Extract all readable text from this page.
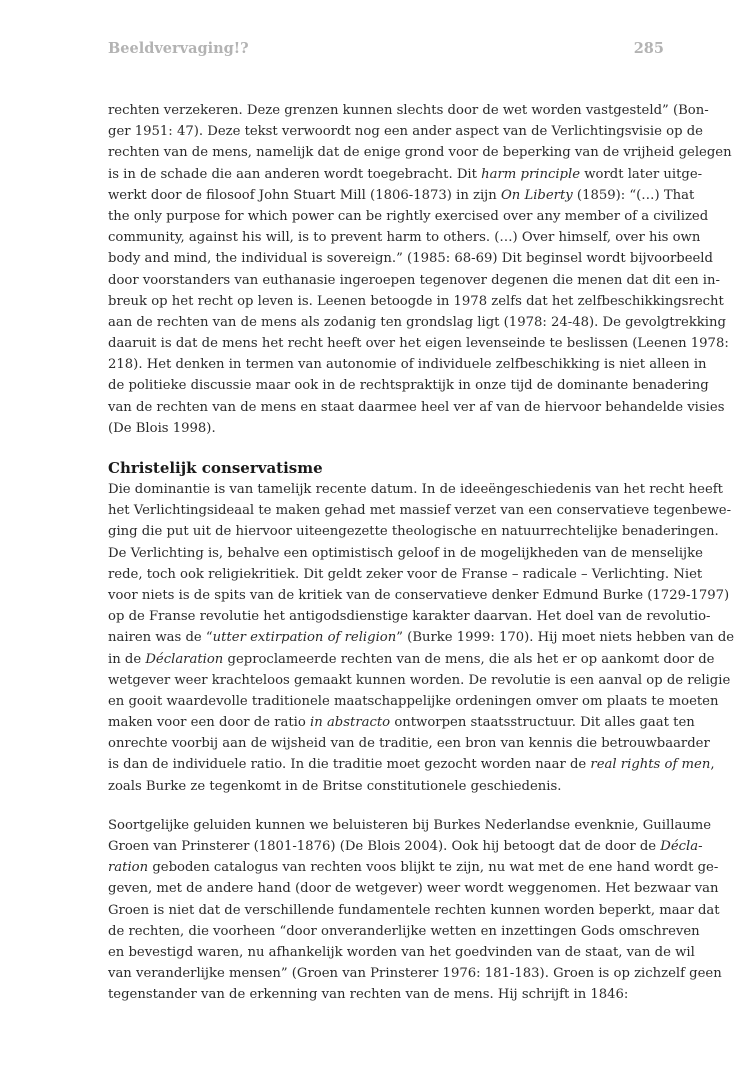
Beeldvervaging!?	285
rechten verzekeren. Deze grenzen kunnen slechts door de wet worden vastgesteld” (Bon-
ger 1951: 47). Deze tekst verwoordt nog een ander aspect van de Verlichtingsvisie op de
rechten van de mens, namelijk dat de enige grond voor de beperking van de vrijheid gelegen
is in de schade die aan anderen wordt toegebracht. Dit harm principle wordt later uitge-
werkt door de filosoof John Stuart Mill (1806-1873) in zijn On Liberty (1859): “(…) That
the only purpose for which power can be rightly exercised over any member of a civilized
community, against his will, is to prevent harm to others. (…) Over himself, over his own
body and mind, the individual is sovereign.” (1985: 68-69) Dit beginsel wordt bijvoorbeeld
door voorstanders van euthanasie ingeroepen tegenover degenen die menen dat dit een in-
breuk op het recht op leven is. Leenen betoogde in 1978 zelfs dat het zelfbeschikkingsrecht
aan de rechten van de mens als zodanig ten grondslag ligt (1978: 24-48). De gevolgtrekking
daaruit is dat de mens het recht heeft over het eigen levenseinde te beslissen (Leenen 1978:
218). Het denken in termen van autonomie of individuele zelfbeschikking is niet alleen in
de politieke discussie maar ook in de rechtspraktijk in onze tijd de dominante benadering
van de rechten van de mens en staat daarmee heel ver af van de hiervoor behandelde visies
(De Blois 1998).
Christelijk conservatisme
Die dominantie is van tamelijk recente datum. In de ideeëngeschiedenis van het recht heeft
het Verlichtingsideaal te maken gehad met massief verzet van een conservatieve tegenbewe-
ging die put uit de hiervoor uiteengezette theologische en natuurrechtelijke benaderingen.
De Verlichting is, behalve een optimistisch geloof in de mogelijkheden van de menselijke
rede, toch ook religiekritiek. Dit geldt zeker voor de Franse – radicale – Verlichting. Niet
voor niets is de spits van de kritiek van de conservatieve denker Edmund Burke (1729-1797)
op de Franse revolutie het antigodsdienstige karakter daarvan. Het doel van de revolutio-
nairen was de “utter extirpation of religion” (Burke 1999: 170). Hij moet niets hebben van de
in de Déclaration geproclameerde rechten van de mens, die als het er op aankomt door de
wetgever weer krachteloos gemaakt kunnen worden. De revolutie is een aanval op de religie
en gooit waardevolle traditionele maatschappelijke ordeningen omver om plaats te moeten
maken voor een door de ratio in abstracto ontworpen staatsstructuur. Dit alles gaat ten
onrechte voorbij aan de wijsheid van de traditie, een bron van kennis die betrouwbaarder
is dan de individuele ratio. In die traditie moet gezocht worden naar de real rights of men,
zoals Burke ze tegenkomt in de Britse constitutionele geschiedenis.
Soortgelijke geluiden kunnen we beluisteren bij Burkes Nederlandse evenknie, Guillaume
Groen van Prinsterer (1801-1876) (De Blois 2004). Ook hij betoogt dat de door de Décla-
ration geboden catalogus van rechten voos blijkt te zijn, nu wat met de ene hand wordt ge-
geven, met de andere hand (door de wetgever) weer wordt weggenomen. Het bezwaar van
Groen is niet dat de verschillende fundamentele rechten kunnen worden beperkt, maar dat
de rechten, die voorheen “door onveranderlijke wetten en inzettingen Gods omschreven
en bevestigd waren, nu afhankelijk worden van het goedvinden van de staat, van de wil
van veranderlijke mensen” (Groen van Prinsterer 1976: 181-183). Groen is op zichzelf geen
tegenstander van de erkenning van rechten van de mens. Hij schrijft in 1846:
